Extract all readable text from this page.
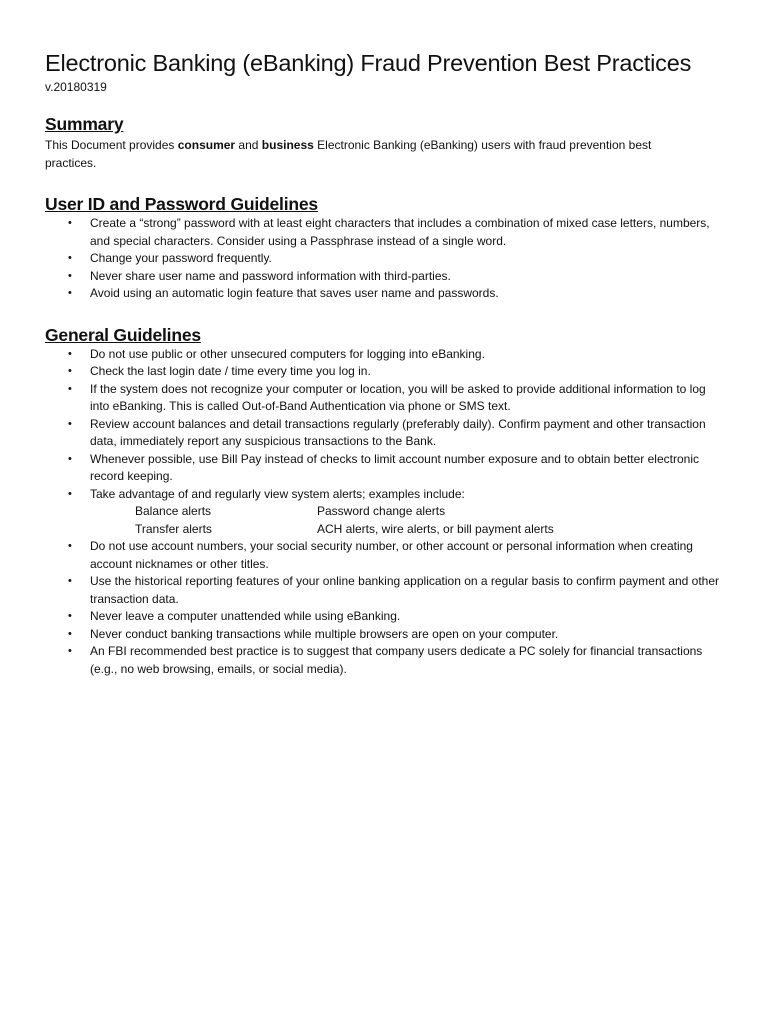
Electronic Banking (eBanking) Fraud Prevention Best Practices
v.20180319
Summary

This Document provides consumer and business Electronic Banking (eBanking) users with fraud prevention best practices.

User ID and Password Guidelines
• Create a “strong” password with at least eight characters that includes a combination of mixed case letters, numbers, and special characters. Consider using a Passphrase instead of a single word.
• Change your password frequently.
• Never share user name and password information with third-parties.
• Avoid using an automatic login feature that saves user name and passwords.
General Guidelines
• Do not use public or other unsecured computers for logging into eBanking.
• Check the last login date / time every time you log in.
• If the system does not recognize your computer or location, you will be asked to provide additional information to log into eBanking. This is called Out-of-Band Authentication via phone or SMS text.
• Review account balances and detail transactions regularly (preferably daily). Confirm payment and other transaction data, immediately report any suspicious transactions to the Bank.
• Whenever possible, use Bill Pay instead of checks to limit account number exposure and to obtain better electronic record keeping.
• Take advantage of and regularly view system alerts; examples include:
Balance alerts	Password change alerts
Transfer alerts	ACH alerts, wire alerts, or bill payment alerts
• Do not use account numbers, your social security number, or other account or personal information when creating account nicknames or other titles.
• Use the historical reporting features of your online banking application on a regular basis to confirm payment and other transaction data.
• Never leave a computer unattended while using eBanking.
• Never conduct banking transactions while multiple browsers are open on your computer.
• An FBI recommended best practice is to suggest that company users dedicate a PC solely for financial transactions (e.g., no web browsing, emails, or social media).
